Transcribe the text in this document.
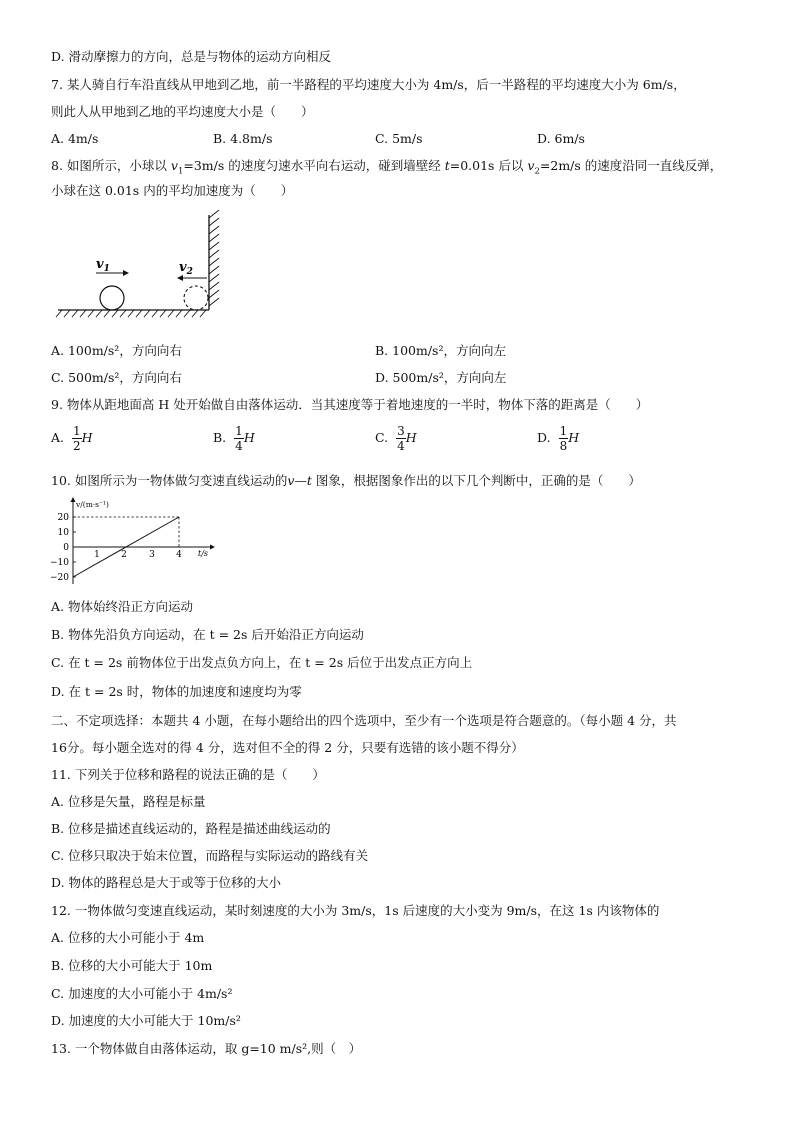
D. 滑动摩擦力的方向，总是与物体的运动方向相反
7. 某人骑自行车沿直线从甲地到乙地，前一半路程的平均速度大小为 4m/s，后一半路程的平均速度大小为 6m/s，
则此人从甲地到乙地的平均速度大小是（　　）
A. 4m/s	B. 4.8m/s	C. 5m/s	D. 6m/s
8. 如图所示，小球以 $v_1=3m/s$ 的速度匀速水平向右运动，碰到墙壁经 t=0.01s 后以 $v_2=2m/s$ 的速度沿同一直线反弹，
小球在这 0.01s 内的平均加速度为（　　）
$v_1$	$v_2$
A. 100m/s²，方向向右	B. 100m/s²，方向向左
C. 500m/s²，方向向右	D. 500m/s²，方向向左
9. 物体从距地面高 H 处开始做自由落体运动．当其速度等于着地速度的一半时，物体下落的距离是（　　）
A. $\frac{1}{2}$ H	B. $\frac{1}{4}$ H	C. $\frac{3}{4}$ H	D. $\frac{1}{8}$ H
10. 如图所示为一物体做匀变速直线运动的v—t 图象，根据图象作出的以下几个判断中，正确的是（　　）
v/(m·s⁻¹)
t/s
20
10
0
−10
−20
1 2 3 4
A. 物体始终沿正方向运动
B. 物体先沿负方向运动，在 t = 2s 后开始沿正方向运动
C. 在 t = 2s 前物体位于出发点负方向上，在 t = 2s 后位于出发点正方向上
D. 在 t = 2s 时，物体的加速度和速度均为零
二、不定项选择：本题共 4 小题，在每小题给出的四个选项中，至少有一个选项是符合题意的。（每小题 4 分，共
16分。每小题全选对的得 4 分，选对但不全的得 2 分，只要有选错的该小题不得分）
11. 下列关于位移和路程的说法正确的是（　　）
A. 位移是矢量，路程是标量
B. 位移是描述直线运动的，路程是描述曲线运动的
C. 位移只取决于始末位置，而路程与实际运动的路线有关
D. 物体的路程总是大于或等于位移的大小
12. 一物体做匀变速直线运动，某时刻速度的大小为 3m/s，1s 后速度的大小变为 9m/s，在这 1s 内该物体的
A. 位移的大小可能小于 4m
B. 位移的大小可能大于 10m
C. 加速度的大小可能小于 4m/s²
D. 加速度的大小可能大于 10m/s²
13. 一个物体做自由落体运动，取 g=10 m/s²,则（　）
